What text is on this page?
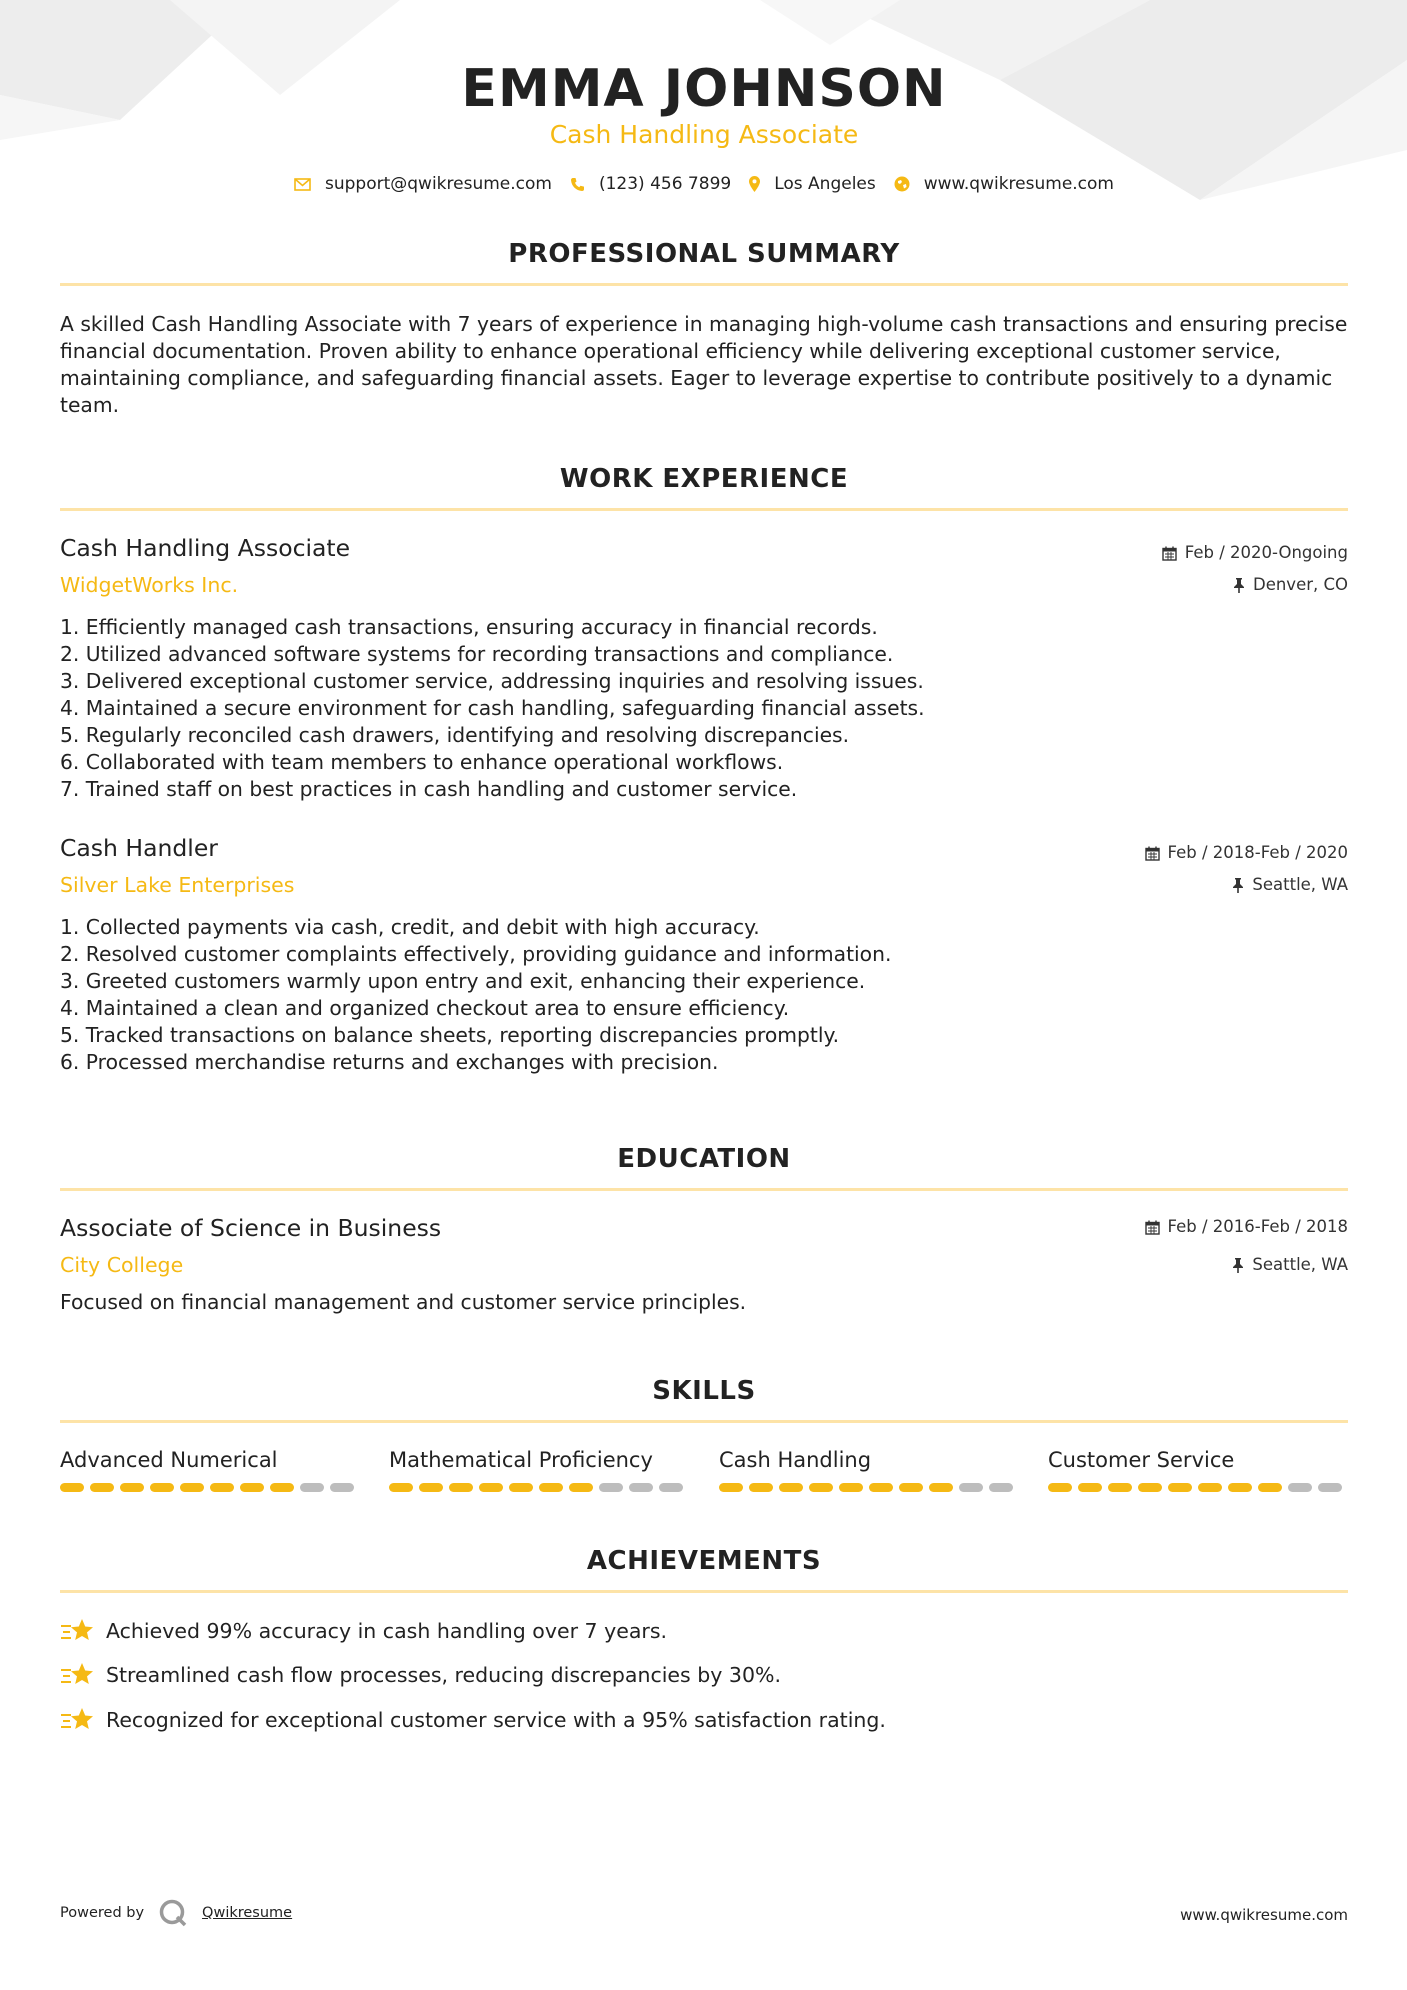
EMMA JOHNSON
Cash Handling Associate
support@qwikresume.com	(123) 456 7899	Los Angeles	www.qwikresume.com
PROFESSIONAL SUMMARY
A skilled Cash Handling Associate with 7 years of experience in managing high-volume cash transactions and ensuring precise financial documentation. Proven ability to enhance operational efficiency while delivering exceptional customer service, maintaining compliance, and safeguarding financial assets. Eager to leverage expertise to contribute positively to a dynamic team.
WORK EXPERIENCE
Cash Handling Associate
WidgetWorks Inc.
Feb / 2020-Ongoing
Denver, CO
1. Efficiently managed cash transactions, ensuring accuracy in financial records.
2. Utilized advanced software systems for recording transactions and compliance.
3. Delivered exceptional customer service, addressing inquiries and resolving issues.
4. Maintained a secure environment for cash handling, safeguarding financial assets.
5. Regularly reconciled cash drawers, identifying and resolving discrepancies.
6. Collaborated with team members to enhance operational workflows.
7. Trained staff on best practices in cash handling and customer service.
Cash Handler
Silver Lake Enterprises
Feb / 2018-Feb / 2020
Seattle, WA
1. Collected payments via cash, credit, and debit with high accuracy.
2. Resolved customer complaints effectively, providing guidance and information.
3. Greeted customers warmly upon entry and exit, enhancing their experience.
4. Maintained a clean and organized checkout area to ensure efficiency.
5. Tracked transactions on balance sheets, reporting discrepancies promptly.
6. Processed merchandise returns and exchanges with precision.
EDUCATION
Associate of Science in Business
City College
Feb / 2016-Feb / 2018
Seattle, WA
Focused on financial management and customer service principles.
SKILLS
Advanced Numerical	Mathematical Proficiency	Cash Handling	Customer Service
ACHIEVEMENTS
Achieved 99% accuracy in cash handling over 7 years.
Streamlined cash flow processes, reducing discrepancies by 30%.
Recognized for exceptional customer service with a 95% satisfaction rating.
Powered by	Qwikresume	www.qwikresume.com
